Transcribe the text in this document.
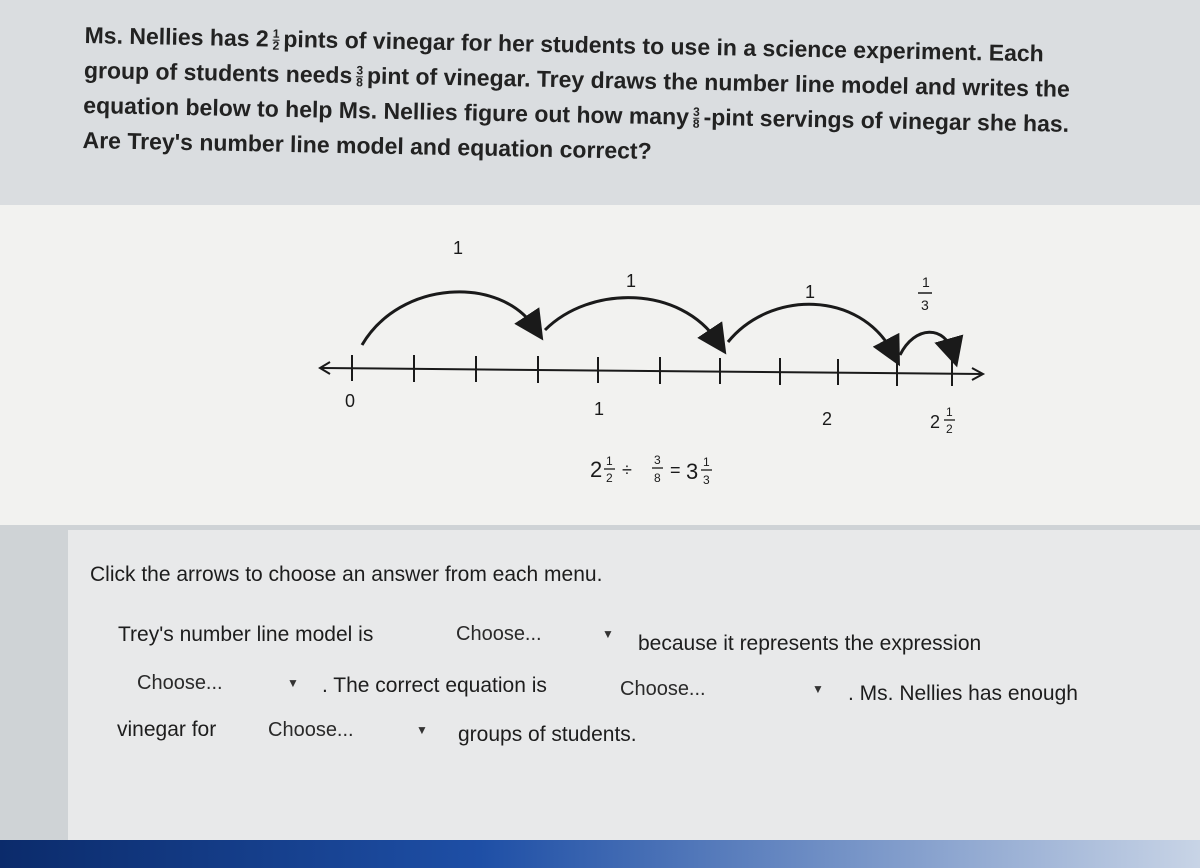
Ms. Nellies has $2 \frac{1}{2}$ pints of vinegar for her students to use in a science experiment. Each
group of students needs $\frac{3}{8}$ pint of vinegar. Trey draws the number line model and writes the
equation below to help Ms. Nellies figure out how many $\frac{3}{8}$ -pint servings of vinegar she has.
Are Trey's number line model and equation correct?
1
1
1	1
3
0	1	2	2 1
2
2 1
2 ÷ 3
8 = 3 1
3
Click the arrows to choose an answer from each menu.
Trey's number line model is	Choose...	▼ because it represents the expression
Choose...	▼ . The correct equation is	Choose...	▼ . Ms. Nellies has enough
vinegar for	Choose...	▼ groups of students.
